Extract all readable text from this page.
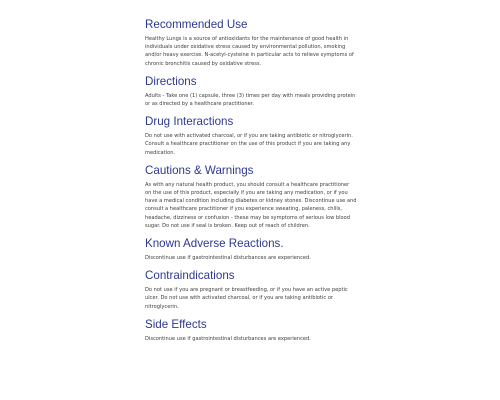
Recommended Use

Healthy Lungs is a source of antioxidants for the maintenance of good health in individuals under oxidative stress caused by environmental pollution, smoking and/or heavy exercise. N-acetyl-cysteine in particular acts to relieve symptoms of chronic bronchitis caused by oxidative stress.

Directions

Adults - Take one (1) capsule, three (3) times per day with meals providing protein or as directed by a healthcare practitioner.

Drug Interactions

Do not use with activated charcoal, or if you are taking antibiotic or nitroglycerin. Consult a healthcare practitioner on the use of this product if you are taking any medication.

Cautions & Warnings

As with any natural health product, you should consult a healthcare practitioner on the use of this product, especially if you are taking any medication, or if you have a medical condition including diabetes or kidney stones. Discontinue use and consult a healthcare practitioner if you experience sweating, paleness, chills, headache, dizziness or confusion - these may be symptoms of serious low blood sugar. Do not use if seal is broken. Keep out of reach of children.

Known Adverse Reactions.

Discontinue use if gastrointestinal disturbances are experienced.

Contraindications

Do not use if you are pregnant or breastfeeding, or if you have an active peptic ulcer. Do not use with activated charcoal, or if you are taking antibiotic or nitroglycerin.

Side Effects

Discontinue use if gastrointestinal disturbances are experienced.
